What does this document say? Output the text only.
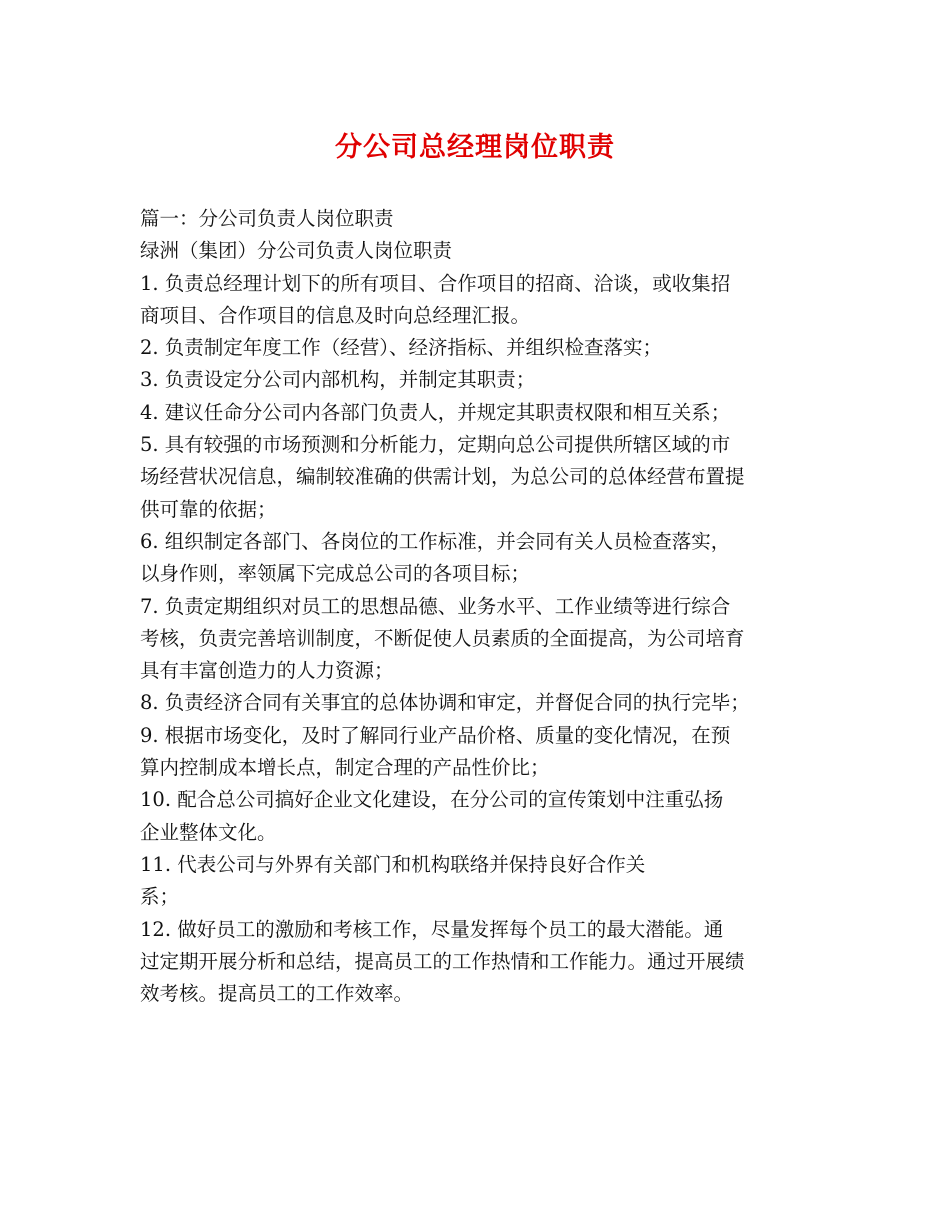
分公司总经理岗位职责
篇一：分公司负责人岗位职责
绿洲（集团）分公司负责人岗位职责
1. 负责总经理计划下的所有项目、合作项目的招商、洽谈，或收集招
商项目、合作项目的信息及时向总经理汇报。
2. 负责制定年度工作（经营）、经济指标、并组织检查落实；
3. 负责设定分公司内部机构，并制定其职责；
4. 建议任命分公司内各部门负责人，并规定其职责权限和相互关系；
5. 具有较强的市场预测和分析能力，定期向总公司提供所辖区域的市
场经营状况信息，编制较准确的供需计划，为总公司的总体经营布置提
供可靠的依据；
6. 组织制定各部门、各岗位的工作标准，并会同有关人员检查落实，
以身作则，率领属下完成总公司的各项目标；
7. 负责定期组织对员工的思想品德、业务水平、工作业绩等进行综合
考核，负责完善培训制度，不断促使人员素质的全面提高，为公司培育
具有丰富创造力的人力资源；
8. 负责经济合同有关事宜的总体协调和审定，并督促合同的执行完毕；
9. 根据市场变化，及时了解同行业产品价格、质量的变化情况，在预
算内控制成本增长点，制定合理的产品性价比；
10. 配合总公司搞好企业文化建设，在分公司的宣传策划中注重弘扬
企业整体文化。
11. 代表公司与外界有关部门和机构联络并保持良好合作关
系；
12. 做好员工的激励和考核工作，尽量发挥每个员工的最大潜能。通
过定期开展分析和总结，提高员工的工作热情和工作能力。通过开展绩
效考核。提高员工的工作效率。
